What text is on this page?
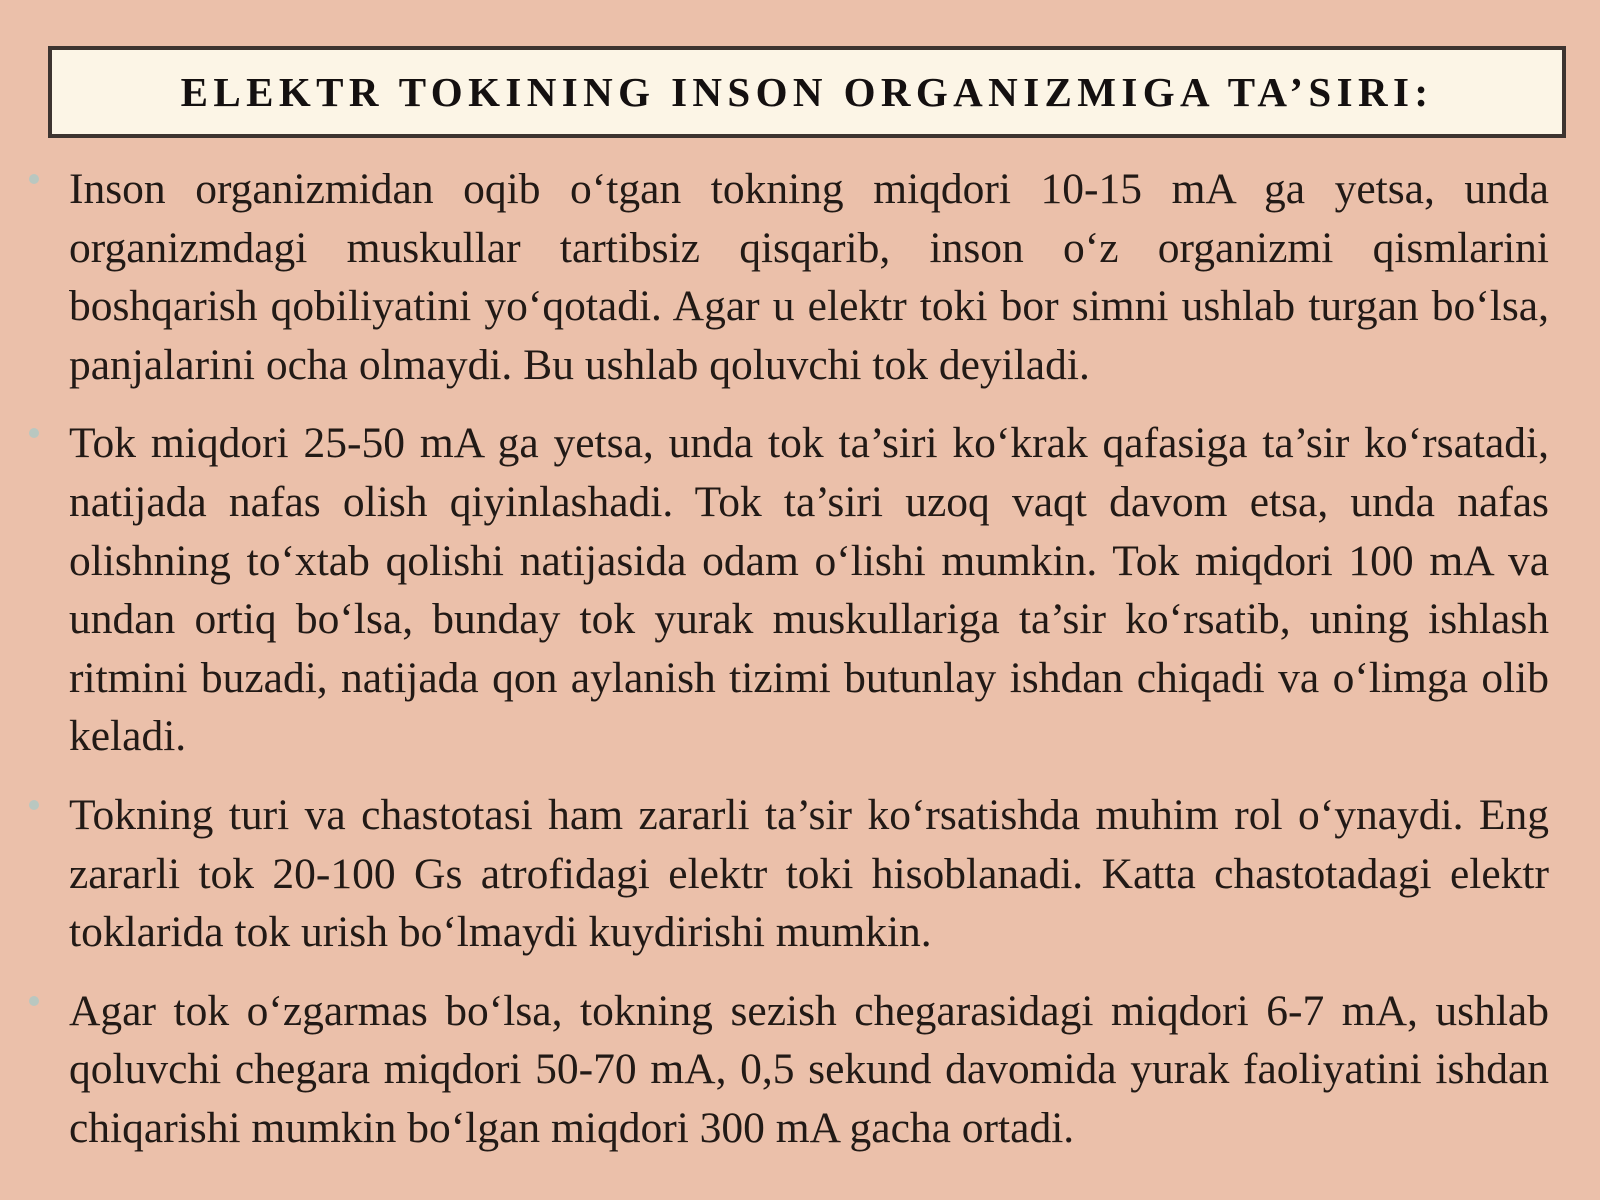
ELEKTR TOKINING INSON ORGANIZMIGA TA’SIRI:
Inson organizmidan oqib o‘tgan tokning miqdori 10-15 mA ga yetsa, unda organizmdagi muskullar tartibsiz qisqarib, inson o‘z organizmi qismlarini boshqarish qobiliyatini yo‘qotadi. Agar u elektr toki bor simni ushlab turgan bo‘lsa, panjalarini ocha olmaydi. Bu ushlab qoluvchi tok deyiladi.
Tok miqdori 25-50 mA ga yetsa, unda tok ta’siri ko‘krak qafasiga ta’sir ko‘rsatadi, natijada nafas olish qiyinlashadi. Tok ta’siri uzoq vaqt davom etsa, unda nafas olishning to‘xtab qolishi natijasida odam o‘lishi mumkin. Tok miqdori 100 mA va undan ortiq bo‘lsa, bunday tok yurak muskullariga ta’sir ko‘rsatib, uning ishlash ritmini buzadi, natijada qon aylanish tizimi butunlay ishdan chiqadi va o‘limga olib keladi.
Tokning turi va chastotasi ham zararli ta’sir ko‘rsatishda muhim rol o‘ynaydi. Eng zararli tok 20-100 Gs atrofidagi elektr toki hisoblanadi. Katta chastotadagi elektr toklarida tok urish bo‘lmaydi kuydirishi mumkin.
Agar tok o‘zgarmas bo‘lsa, tokning sezish chegarasidagi miqdori 6-7 mA, ushlab qoluvchi chegara miqdori 50-70 mA, 0,5 sekund davomida yurak faoliyatini ishdan chiqarishi mumkin bo‘lgan miqdori 300 mA gacha ortadi.
